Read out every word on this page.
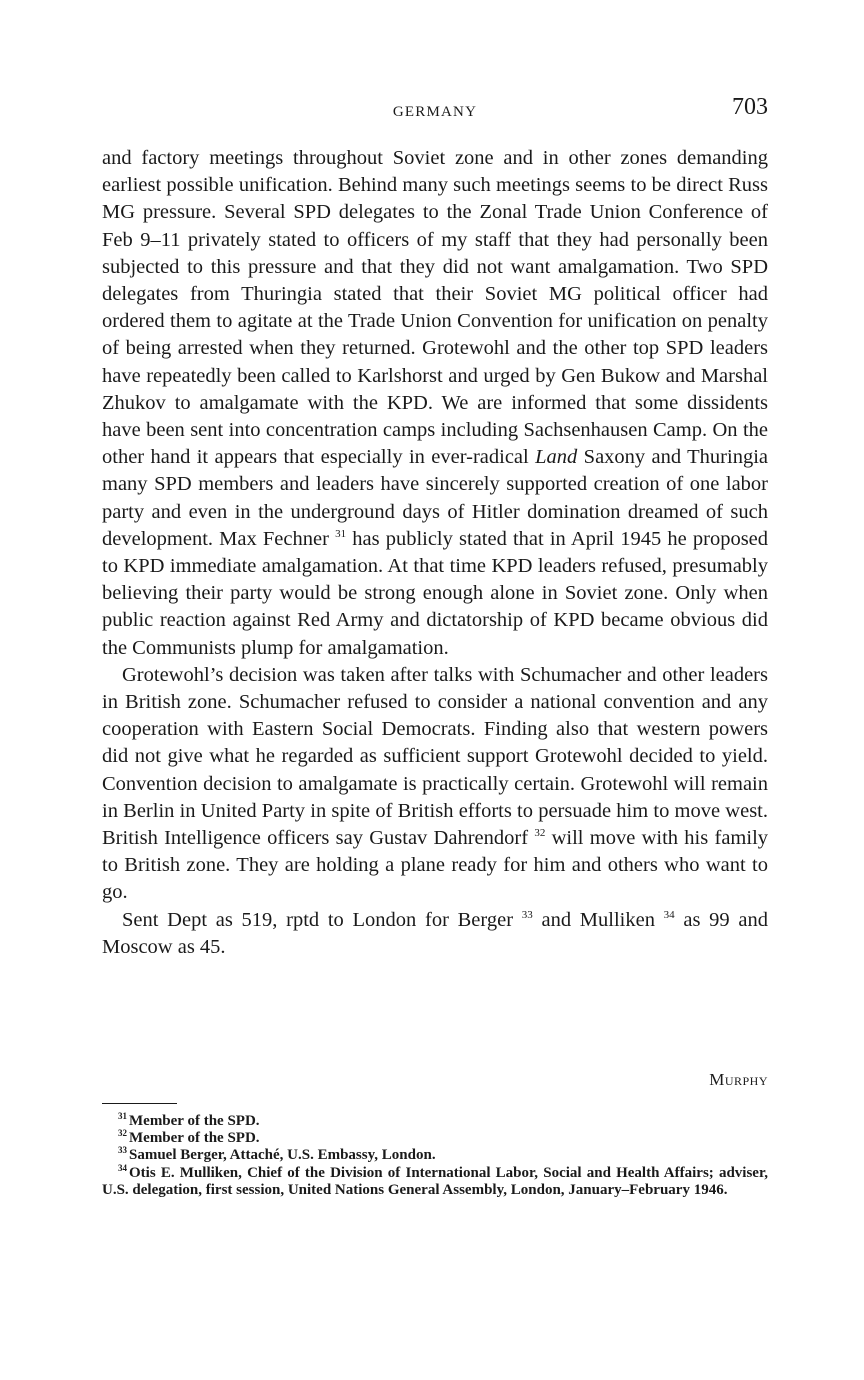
GERMANY	703

and factory meetings throughout Soviet zone and in other zones demanding earliest possible unification. Behind many such meetings seems to be direct Russ MG pressure. Several SPD delegates to the Zonal Trade Union Conference of Feb 9–11 privately stated to officers of my staff that they had personally been subjected to this pressure and that they did not want amalgamation. Two SPD delegates from Thuringia stated that their Soviet MG political officer had ordered them to agitate at the Trade Union Convention for unification on penalty of being arrested when they returned. Grotewohl and the other top SPD leaders have repeatedly been called to Karlshorst and urged by Gen Bukow and Marshal Zhukov to amalgamate with the KPD. We are informed that some dissidents have been sent into concentration camps including Sachsenhausen Camp. On the other hand it appears that especially in ever-radical Land Saxony and Thuringia many SPD members and leaders have sincerely supported creation of one labor party and even in the underground days of Hitler domination dreamed of such development. Max Fechner $^{31}$ has publicly stated that in April 1945 he proposed to KPD immediate amalgamation. At that time KPD leaders refused, presumably believing their party would be strong enough alone in Soviet zone. Only when public reaction against Red Army and dictatorship of KPD became obvious did the Communists plump for amalgamation.

Grotewohl’s decision was taken after talks with Schumacher and other leaders in British zone. Schumacher refused to consider a national convention and any cooperation with Eastern Social Democrats. Finding also that western powers did not give what he regarded as sufficient support Grotewohl decided to yield. Convention decision to amalgamate is practically certain. Grotewohl will remain in Berlin in United Party in spite of British efforts to persuade him to move west. British Intelligence officers say Gustav Dahrendorf $^{32}$ will move with his family to British zone. They are holding a plane ready for him and others who want to go.

Sent Dept as 519, rptd to London for Berger $^{33}$ and Mulliken $^{34}$ as 99 and Moscow as 45.

Murphy

$^{31}$ Member of the SPD.

$^{32}$ Member of the SPD.

$^{33}$ Samuel Berger, Attaché, U.S. Embassy, London.

$^{34}$ Otis E. Mulliken, Chief of the Division of International Labor, Social and Health Affairs; adviser, U.S. delegation, first session, United Nations General Assembly, London, January–February 1946.
